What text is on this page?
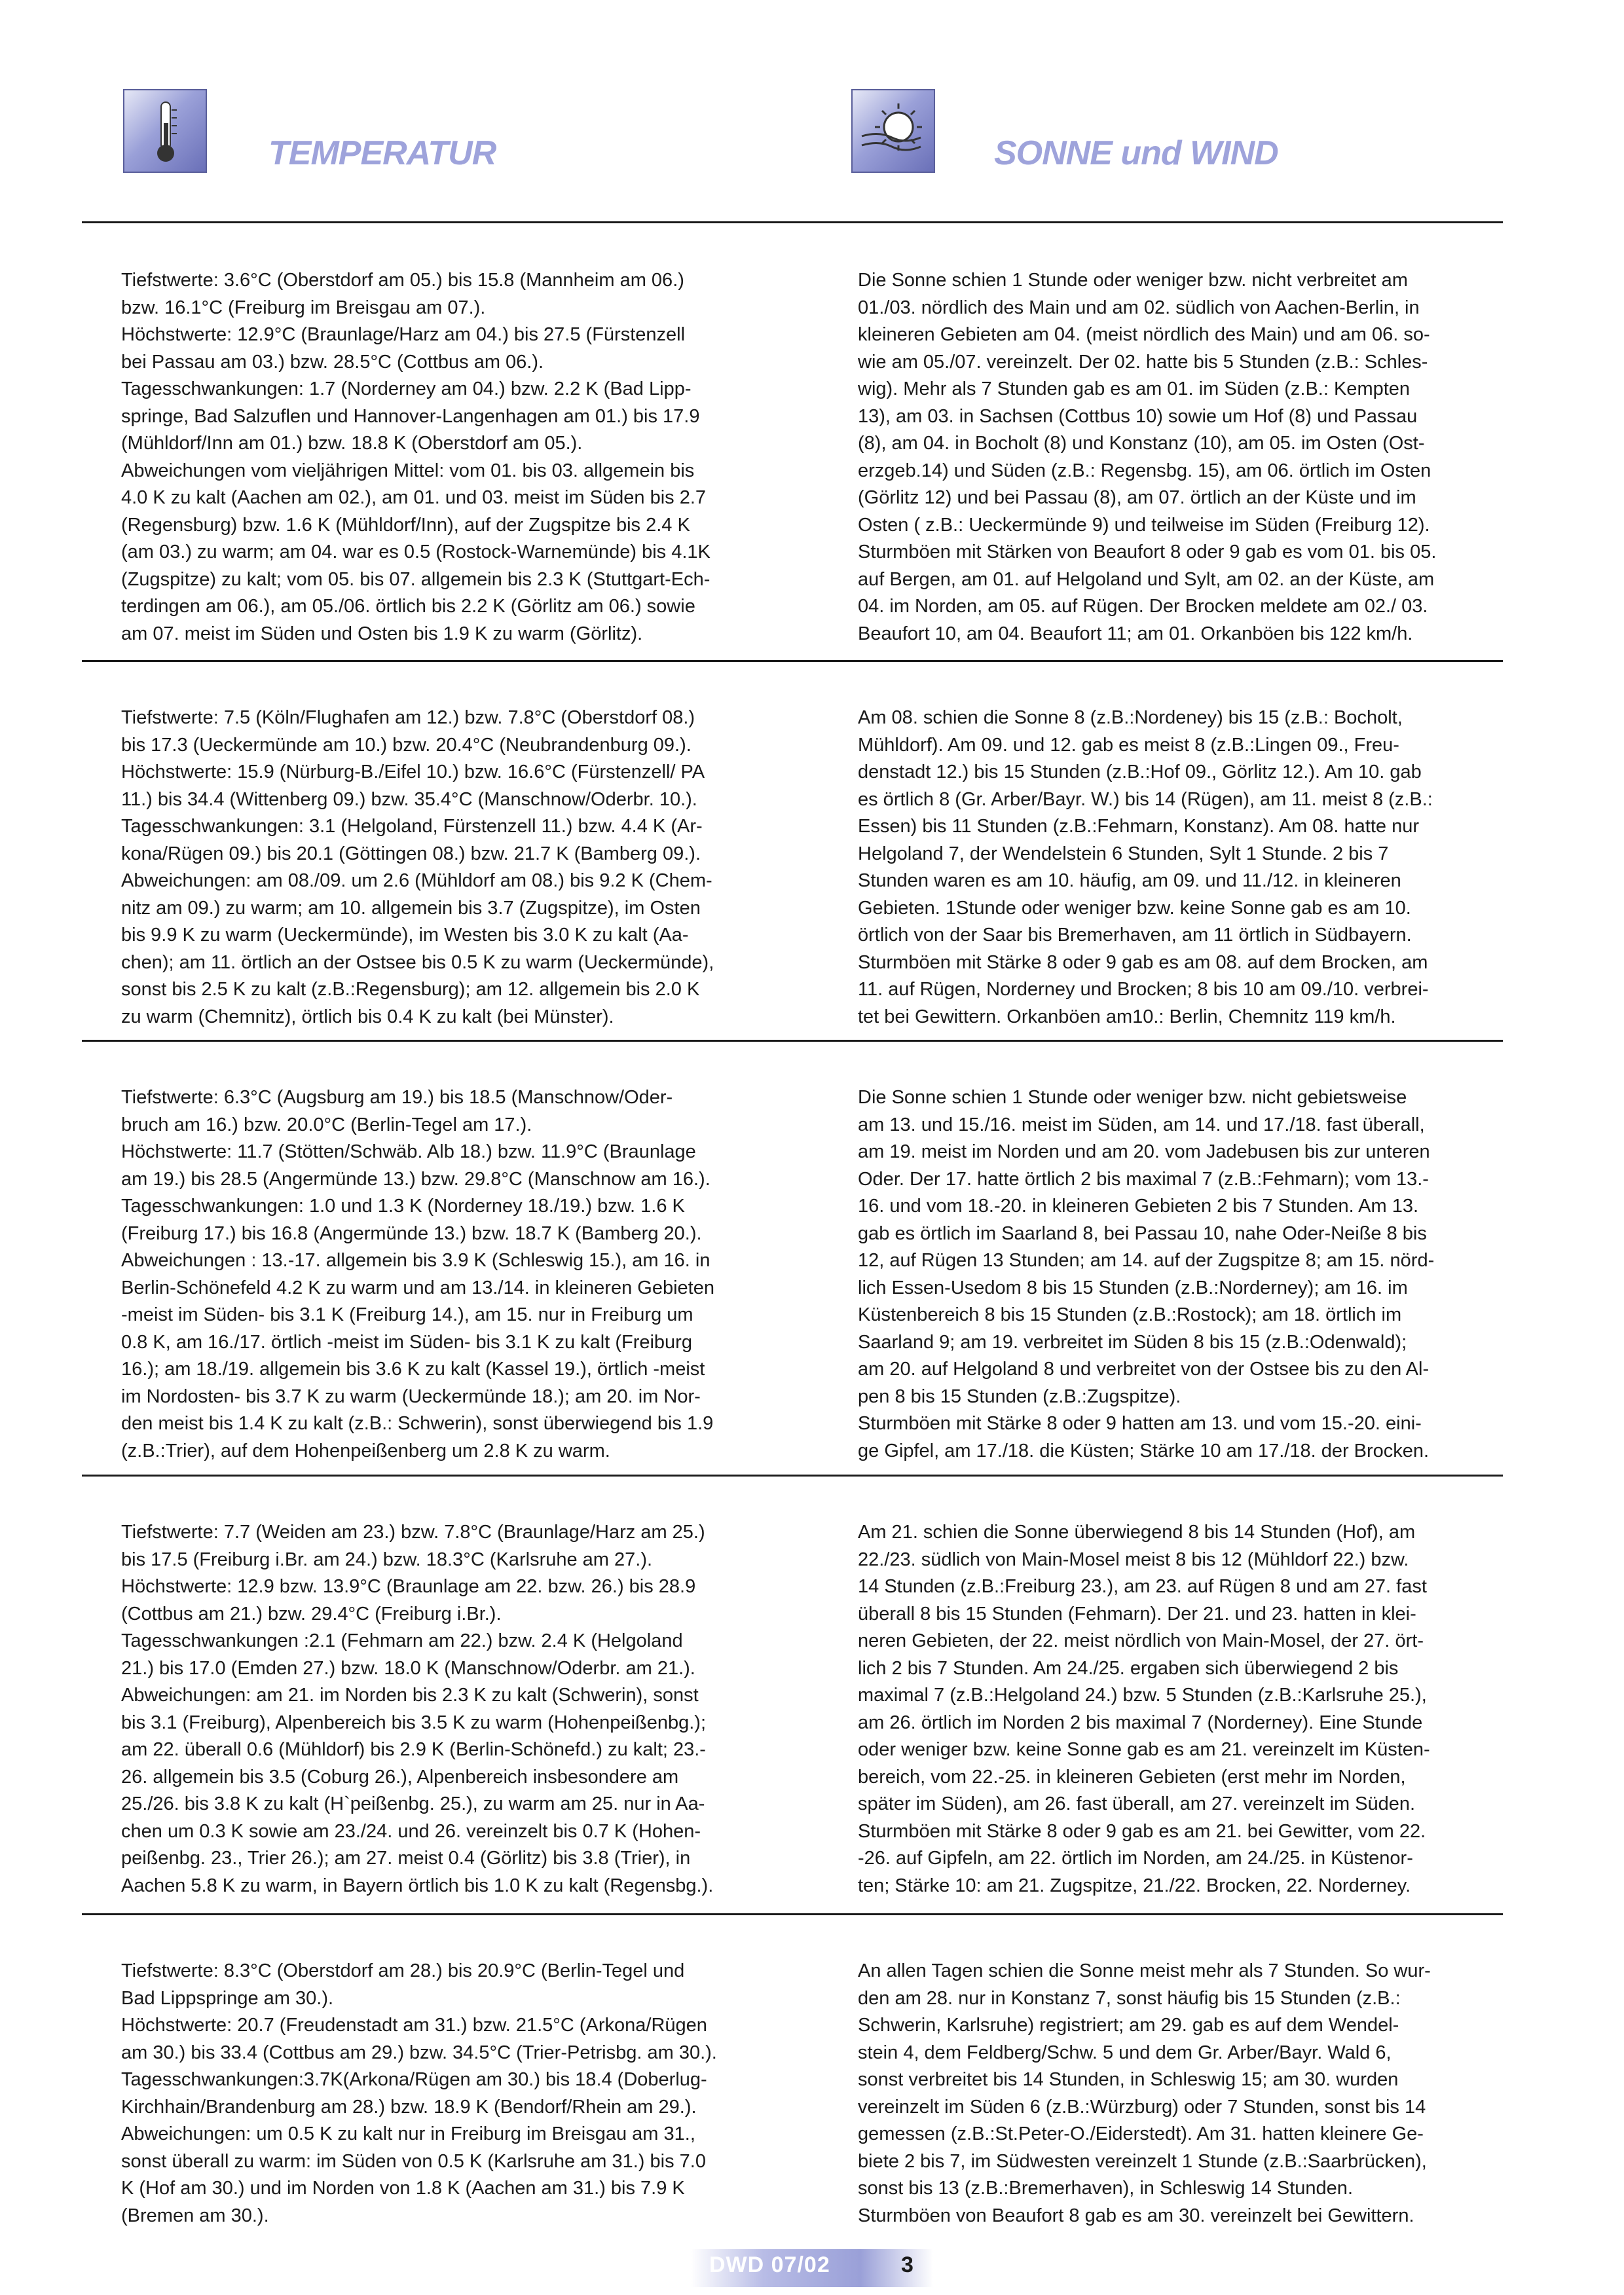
TEMPERATUR	SONNE und WIND
Tiefstwerte: 3.6°C (Oberstdorf am 05.) bis 15.8 (Mannheim am 06.)
bzw. 16.1°C (Freiburg im Breisgau am 07.).
Höchstwerte: 12.9°C (Braunlage/Harz am 04.) bis 27.5 (Fürstenzell
bei Passau am 03.) bzw. 28.5°C (Cottbus am 06.).
Tagesschwankungen: 1.7 (Norderney am 04.) bzw. 2.2 K (Bad Lipp-
springe, Bad Salzuflen und Hannover-Langenhagen am 01.) bis 17.9
(Mühldorf/Inn am 01.) bzw. 18.8 K (Oberstdorf am 05.).
Abweichungen vom vieljährigen Mittel: vom 01. bis 03. allgemein bis
4.0 K zu kalt (Aachen am 02.), am 01. und 03. meist im Süden bis 2.7
(Regensburg) bzw. 1.6 K (Mühldorf/Inn), auf der Zugspitze bis 2.4 K
(am 03.) zu warm; am 04. war es 0.5 (Rostock-Warnemünde) bis 4.1K
(Zugspitze) zu kalt; vom 05. bis 07. allgemein bis 2.3 K (Stuttgart-Ech-
terdingen am 06.), am 05./06. örtlich bis 2.2 K (Görlitz am 06.) sowie
am 07. meist im Süden und Osten bis 1.9 K zu warm (Görlitz).
Die Sonne schien 1 Stunde oder weniger bzw. nicht verbreitet am
01./03. nördlich des Main und am 02. südlich von Aachen-Berlin, in
kleineren Gebieten am 04. (meist nördlich des Main) und am 06. so-
wie am 05./07. vereinzelt. Der 02. hatte bis 5 Stunden (z.B.: Schles-
wig). Mehr als 7 Stunden gab es am 01. im Süden (z.B.: Kempten
13), am 03. in Sachsen (Cottbus 10) sowie um Hof (8) und Passau
(8), am 04. in Bocholt (8) und Konstanz (10), am 05. im Osten (Ost-
erzgeb.14) und Süden (z.B.: Regensbg. 15), am 06. örtlich im Osten
(Görlitz 12) und bei Passau (8), am 07. örtlich an der Küste und im
Osten ( z.B.: Ueckermünde 9) und teilweise im Süden (Freiburg 12).
Sturmböen mit Stärken von Beaufort 8 oder 9 gab es vom 01. bis 05.
auf Bergen, am 01. auf Helgoland und Sylt, am 02. an der Küste, am
04. im Norden, am 05. auf Rügen. Der Brocken meldete am 02./ 03.
Beaufort 10, am 04. Beaufort 11; am 01. Orkanböen bis 122 km/h.
Tiefstwerte: 7.5 (Köln/Flughafen am 12.) bzw. 7.8°C (Oberstdorf 08.)
bis 17.3 (Ueckermünde am 10.) bzw. 20.4°C (Neubrandenburg 09.).
Höchstwerte: 15.9 (Nürburg-B./Eifel 10.) bzw. 16.6°C (Fürstenzell/ PA
11.) bis 34.4 (Wittenberg 09.) bzw. 35.4°C (Manschnow/Oderbr. 10.).
Tagesschwankungen: 3.1 (Helgoland, Fürstenzell 11.) bzw. 4.4 K (Ar-
kona/Rügen 09.) bis 20.1 (Göttingen 08.) bzw. 21.7 K (Bamberg 09.).
Abweichungen: am 08./09. um 2.6 (Mühldorf am 08.) bis 9.2 K (Chem-
nitz am 09.) zu warm; am 10. allgemein bis 3.7 (Zugspitze), im Osten
bis 9.9 K zu warm (Ueckermünde), im Westen bis 3.0 K zu kalt (Aa-
chen); am 11. örtlich an der Ostsee bis 0.5 K zu warm (Ueckermünde),
sonst bis 2.5 K zu kalt (z.B.:Regensburg); am 12. allgemein bis 2.0 K
zu warm (Chemnitz), örtlich bis 0.4 K zu kalt (bei Münster).
Am 08. schien die Sonne 8 (z.B.:Nordeney) bis 15 (z.B.: Bocholt,
Mühldorf). Am 09. und 12. gab es meist 8 (z.B.:Lingen 09., Freu-
denstadt 12.) bis 15 Stunden (z.B.:Hof 09., Görlitz 12.). Am 10. gab
es örtlich 8 (Gr. Arber/Bayr. W.) bis 14 (Rügen), am 11. meist 8 (z.B.:
Essen) bis 11 Stunden (z.B.:Fehmarn, Konstanz). Am 08. hatte nur
Helgoland 7, der Wendelstein 6 Stunden, Sylt 1 Stunde. 2 bis 7
Stunden waren es am 10. häufig, am 09. und 11./12. in kleineren
Gebieten. 1Stunde oder weniger bzw. keine Sonne gab es am 10.
örtlich von der Saar bis Bremerhaven, am 11 örtlich in Südbayern.
Sturmböen mit Stärke 8 oder 9 gab es am 08. auf dem Brocken, am
11. auf Rügen, Norderney und Brocken; 8 bis 10 am 09./10. verbrei-
tet bei Gewittern. Orkanböen am10.: Berlin, Chemnitz 119 km/h.
Tiefstwerte: 6.3°C (Augsburg am 19.) bis 18.5 (Manschnow/Oder-
bruch am 16.) bzw. 20.0°C (Berlin-Tegel am 17.).
Höchstwerte: 11.7 (Stötten/Schwäb. Alb 18.) bzw. 11.9°C (Braunlage
am 19.) bis 28.5 (Angermünde 13.) bzw. 29.8°C (Manschnow am 16.).
Tagesschwankungen: 1.0 und 1.3 K (Norderney 18./19.) bzw. 1.6 K
(Freiburg 17.) bis 16.8 (Angermünde 13.) bzw. 18.7 K (Bamberg 20.).
Abweichungen : 13.-17. allgemein bis 3.9 K (Schleswig 15.), am 16. in
Berlin-Schönefeld 4.2 K zu warm und am 13./14. in kleineren Gebieten
-meist im Süden- bis 3.1 K (Freiburg 14.), am 15. nur in Freiburg um
0.8 K, am 16./17. örtlich -meist im Süden- bis 3.1 K zu kalt (Freiburg
16.); am 18./19. allgemein bis 3.6 K zu kalt (Kassel 19.), örtlich -meist
im Nordosten- bis 3.7 K zu warm (Ueckermünde 18.); am 20. im Nor-
den meist bis 1.4 K zu kalt (z.B.: Schwerin), sonst überwiegend bis 1.9
(z.B.:Trier), auf dem Hohenpeißenberg um 2.8 K zu warm.
Die Sonne schien 1 Stunde oder weniger bzw. nicht gebietsweise
am 13. und 15./16. meist im Süden, am 14. und 17./18. fast überall,
am 19. meist im Norden und am 20. vom Jadebusen bis zur unteren
Oder. Der 17. hatte örtlich 2 bis maximal 7 (z.B.:Fehmarn); vom 13.-
16. und vom 18.-20. in kleineren Gebieten 2 bis 7 Stunden. Am 13.
gab es örtlich im Saarland 8, bei Passau 10, nahe Oder-Neiße 8 bis
12, auf Rügen 13 Stunden; am 14. auf der Zugspitze 8; am 15. nörd-
lich Essen-Usedom 8 bis 15 Stunden (z.B.:Norderney); am 16. im
Küstenbereich 8 bis 15 Stunden (z.B.:Rostock); am 18. örtlich im
Saarland 9; am 19. verbreitet im Süden 8 bis 15 (z.B.:Odenwald);
am 20. auf Helgoland 8 und verbreitet von der Ostsee bis zu den Al-
pen 8 bis 15 Stunden (z.B.:Zugspitze).
Sturmböen mit Stärke 8 oder 9 hatten am 13. und vom 15.-20. eini-
ge Gipfel, am 17./18. die Küsten; Stärke 10 am 17./18. der Brocken.
Tiefstwerte: 7.7 (Weiden am 23.) bzw. 7.8°C (Braunlage/Harz am 25.)
bis 17.5 (Freiburg i.Br. am 24.) bzw. 18.3°C (Karlsruhe am 27.).
Höchstwerte: 12.9 bzw. 13.9°C (Braunlage am 22. bzw. 26.) bis 28.9
(Cottbus am 21.) bzw. 29.4°C (Freiburg i.Br.).
Tagesschwankungen :2.1 (Fehmarn am 22.) bzw. 2.4 K (Helgoland
21.) bis 17.0 (Emden 27.) bzw. 18.0 K (Manschnow/Oderbr. am 21.).
Abweichungen: am 21. im Norden bis 2.3 K zu kalt (Schwerin), sonst
bis 3.1 (Freiburg), Alpenbereich bis 3.5 K zu warm (Hohenpeißenbg.);
am 22. überall 0.6 (Mühldorf) bis 2.9 K (Berlin-Schönefd.) zu kalt; 23.-
26. allgemein bis 3.5 (Coburg 26.), Alpenbereich insbesondere am
25./26. bis 3.8 K zu kalt (H`peißenbg. 25.), zu warm am 25. nur in Aa-
chen um 0.3 K sowie am 23./24. und 26. vereinzelt bis 0.7 K (Hohen-
peißenbg. 23., Trier 26.); am 27. meist 0.4 (Görlitz) bis 3.8 (Trier), in
Aachen 5.8 K zu warm, in Bayern örtlich bis 1.0 K zu kalt (Regensbg.).
Am 21. schien die Sonne überwiegend 8 bis 14 Stunden (Hof), am
22./23. südlich von Main-Mosel meist 8 bis 12 (Mühldorf 22.) bzw.
14 Stunden (z.B.:Freiburg 23.), am 23. auf Rügen 8 und am 27. fast
überall 8 bis 15 Stunden (Fehmarn). Der 21. und 23. hatten in klei-
neren Gebieten, der 22. meist nördlich von Main-Mosel, der 27. ört-
lich 2 bis 7 Stunden. Am 24./25. ergaben sich überwiegend 2 bis
maximal 7 (z.B.:Helgoland 24.) bzw. 5 Stunden (z.B.:Karlsruhe 25.),
am 26. örtlich im Norden 2 bis maximal 7 (Norderney). Eine Stunde
oder weniger bzw. keine Sonne gab es am 21. vereinzelt im Küsten-
bereich, vom 22.-25. in kleineren Gebieten (erst mehr im Norden,
später im Süden), am 26. fast überall, am 27. vereinzelt im Süden.
Sturmböen mit Stärke 8 oder 9 gab es am 21. bei Gewitter, vom 22.
-26. auf Gipfeln, am 22. örtlich im Norden, am 24./25. in Küstenor-
ten; Stärke 10: am 21. Zugspitze, 21./22. Brocken, 22. Norderney.
Tiefstwerte: 8.3°C (Oberstdorf am 28.) bis 20.9°C (Berlin-Tegel und
Bad Lippspringe am 30.).
Höchstwerte: 20.7 (Freudenstadt am 31.) bzw. 21.5°C (Arkona/Rügen
am 30.) bis 33.4 (Cottbus am 29.) bzw. 34.5°C (Trier-Petrisbg. am 30.).
Tagesschwankungen:3.7K(Arkona/Rügen am 30.) bis 18.4 (Doberlug-
Kirchhain/Brandenburg am 28.) bzw. 18.9 K (Bendorf/Rhein am 29.).
Abweichungen: um 0.5 K zu kalt nur in Freiburg im Breisgau am 31.,
sonst überall zu warm: im Süden von 0.5 K (Karlsruhe am 31.) bis 7.0
K (Hof am 30.) und im Norden von 1.8 K (Aachen am 31.) bis 7.9 K
(Bremen am 30.).
An allen Tagen schien die Sonne meist mehr als 7 Stunden. So wur-
den am 28. nur in Konstanz 7, sonst häufig bis 15 Stunden (z.B.:
Schwerin, Karlsruhe) registriert; am 29. gab es auf dem Wendel-
stein 4, dem Feldberg/Schw. 5 und dem Gr. Arber/Bayr. Wald 6,
sonst verbreitet bis 14 Stunden, in Schleswig 15; am 30. wurden
vereinzelt im Süden 6 (z.B.:Würzburg) oder 7 Stunden, sonst bis 14
gemessen (z.B.:St.Peter-O./Eiderstedt). Am 31. hatten kleinere Ge-
biete 2 bis 7, im Südwesten vereinzelt 1 Stunde (z.B.:Saarbrücken),
sonst bis 13 (z.B.:Bremerhaven), in Schleswig 14 Stunden.
Sturmböen von Beaufort 8 gab es am 30. vereinzelt bei Gewittern.
DWD 07/02	3
